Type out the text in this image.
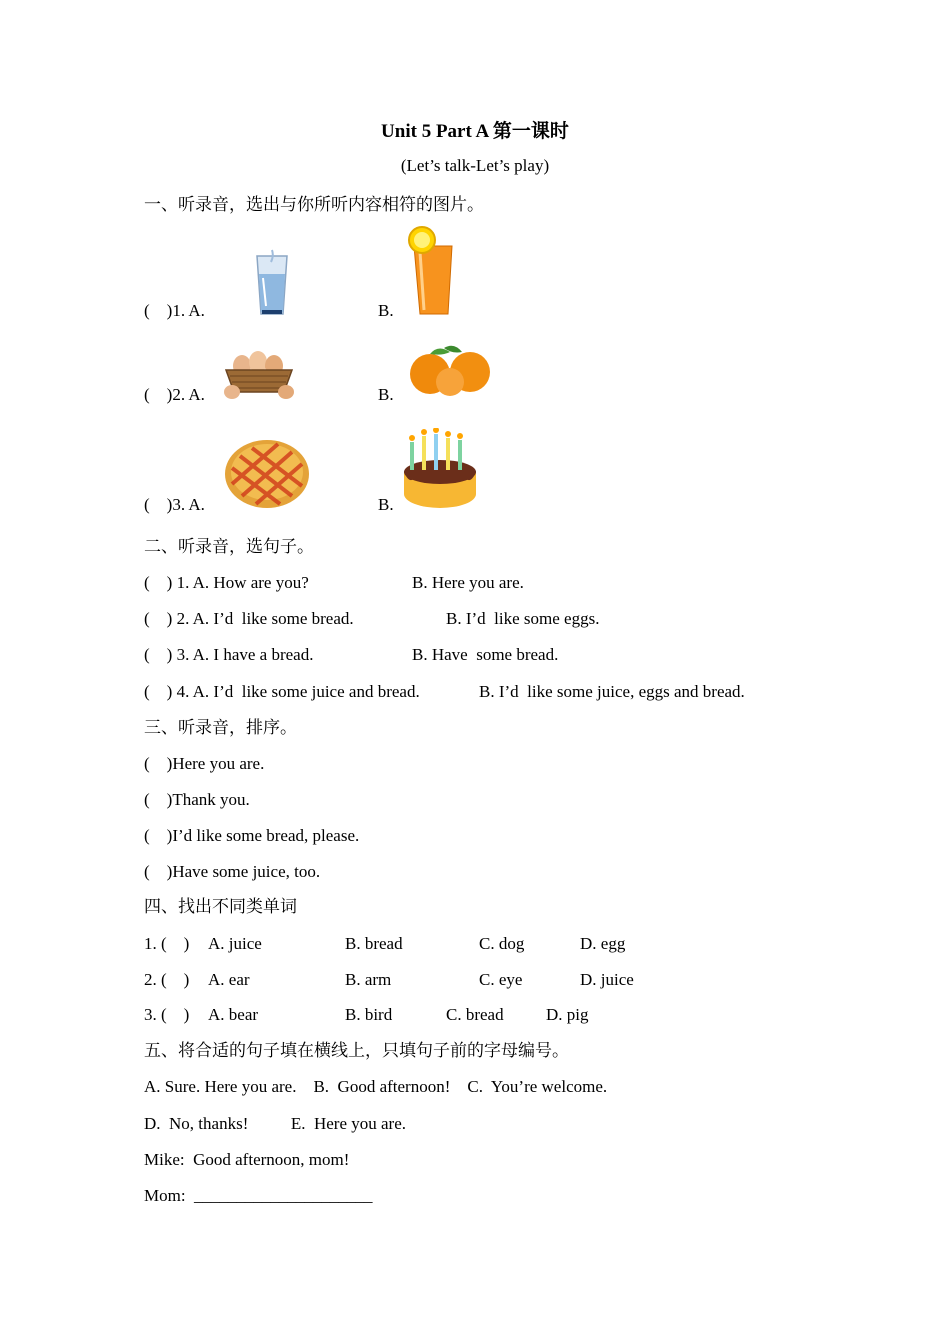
Unit 5 Part A 第一课时
(Let’s talk-Let’s play)
一、听录音，选出与你所听内容相符的图片。
(    )1. A.	B.
(    )2. A.	B.
(    )3. A.	B.
二、听录音，选句子。
(    ) 1. A. How are you?	B. Here you are.
(    ) 2. A. I’d  like some bread.	B. I’d  like some eggs.
(    ) 3. A. I have a bread.	B. Have  some bread.
(    ) 4. A. I’d  like some juice and bread.	B. I’d  like some juice, eggs and bread.
三、听录音，排序。
(    )Here you are.
(    )Thank you.
(    )I’d like some bread, please.
(    )Have some juice, too.
四、找出不同类单词
1. (    ) A. juice	B. bread	C. dog	D. egg
2. (    ) A. ear	B. arm	C. eye	D. juice
3. (    ) A. bear	B. bird	C. bread D. pig
五、将合适的句子填在横线上，只填句子前的字母编号。
A. Sure. Here you are.    B.  Good afternoon!    C.  You’re welcome.
D.  No, thanks!          E.  Here you are.
Mike:  Good afternoon, mom!
Mom:  _____________________
